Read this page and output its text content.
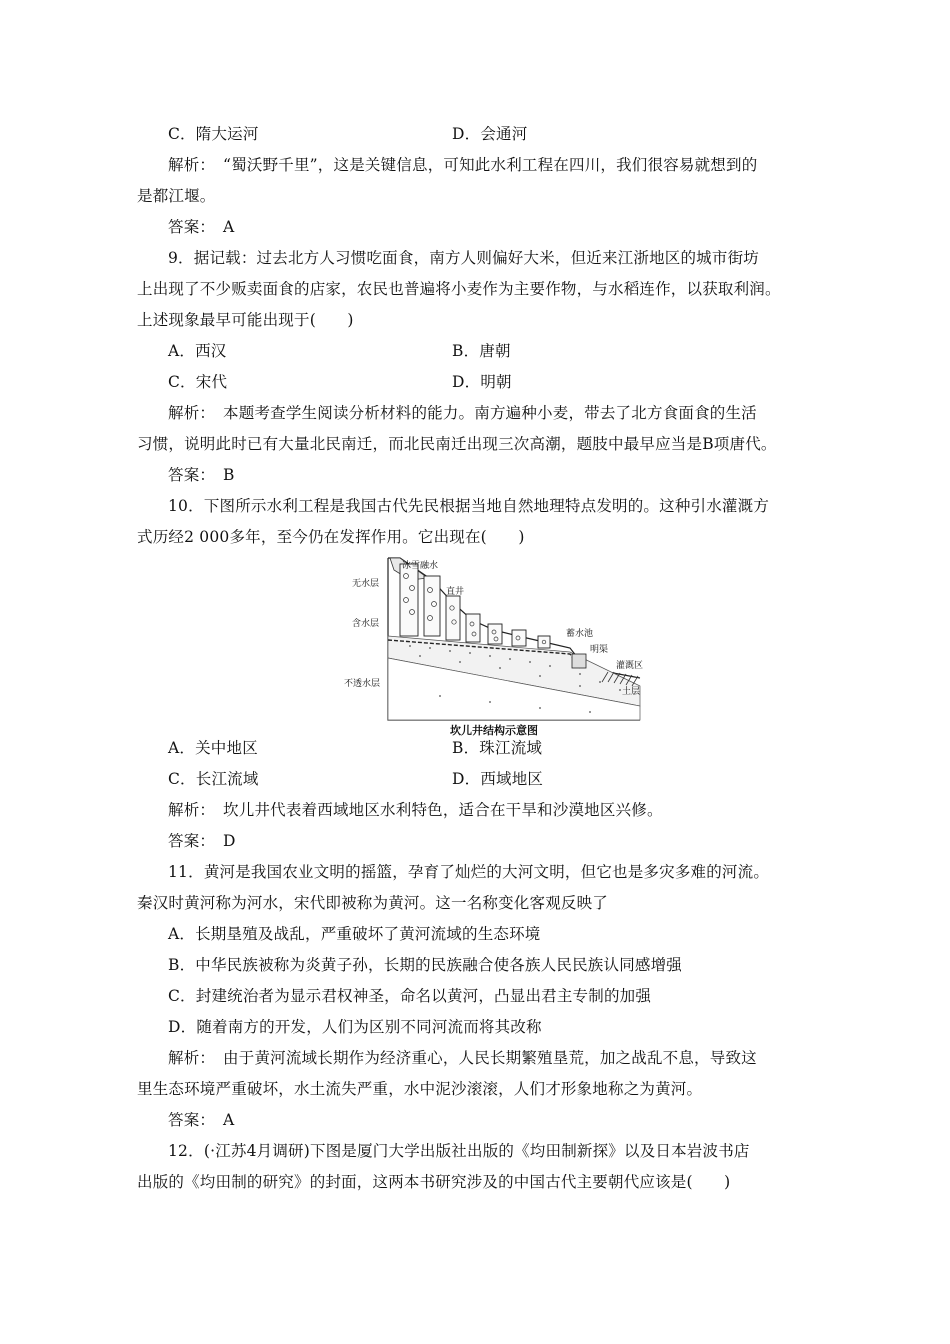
C．隋大运河	D．会通河
解析：　“蜀沃野千里”，这是关键信息，可知此水利工程在四川，我们很容易就想到的
是都江堰。
答案：　A
9．据记载：过去北方人习惯吃面食，南方人则偏好大米，但近来江浙地区的城市街坊
上出现了不少贩卖面食的店家，农民也普遍将小麦作为主要作物，与水稻连作，以获取利润。
上述现象最早可能出现于(　　)
A．西汉	B．唐朝
C．宋代	D．明朝
解析：　本题考查学生阅读分析材料的能力。南方遍种小麦，带去了北方食面食的生活
习惯，说明此时已有大量北民南迁，而北民南迁出现三次高潮，题肢中最早应当是B项唐代。
答案：　B
10．下图所示水利工程是我国古代先民根据当地自然地理特点发明的。这种引水灌溉方
式历经2 000多年，至今仍在发挥作用。它出现在(　　)
冰雪融水
无水层
直井
含水层
不透水层
蓄水池
明渠
灌溉区
土层
坎儿井结构示意图
A．关中地区	B．珠江流域
C．长江流域	D．西域地区
解析：　坎儿井代表着西域地区水利特色，适合在干旱和沙漠地区兴修。
答案：　D
11．黄河是我国农业文明的摇篮，孕育了灿烂的大河文明，但它也是多灾多难的河流。
秦汉时黄河称为河水，宋代即被称为黄河。这一名称变化客观反映了
A．长期垦殖及战乱，严重破坏了黄河流域的生态环境
B．中华民族被称为炎黄子孙，长期的民族融合使各族人民民族认同感增强
C．封建统治者为显示君权神圣，命名以黄河，凸显出君主专制的加强
D．随着南方的开发，人们为区别不同河流而将其改称
解析：　由于黄河流域长期作为经济重心，人民长期繁殖垦荒，加之战乱不息，导致这
里生态环境严重破坏，水土流失严重，水中泥沙滚滚，人们才形象地称之为黄河。
答案：　A
12．(·江苏4月调研)下图是厦门大学出版社出版的《均田制新探》以及日本岩波书店
出版的《均田制的研究》的封面，这两本书研究涉及的中国古代主要朝代应该是(　　)
